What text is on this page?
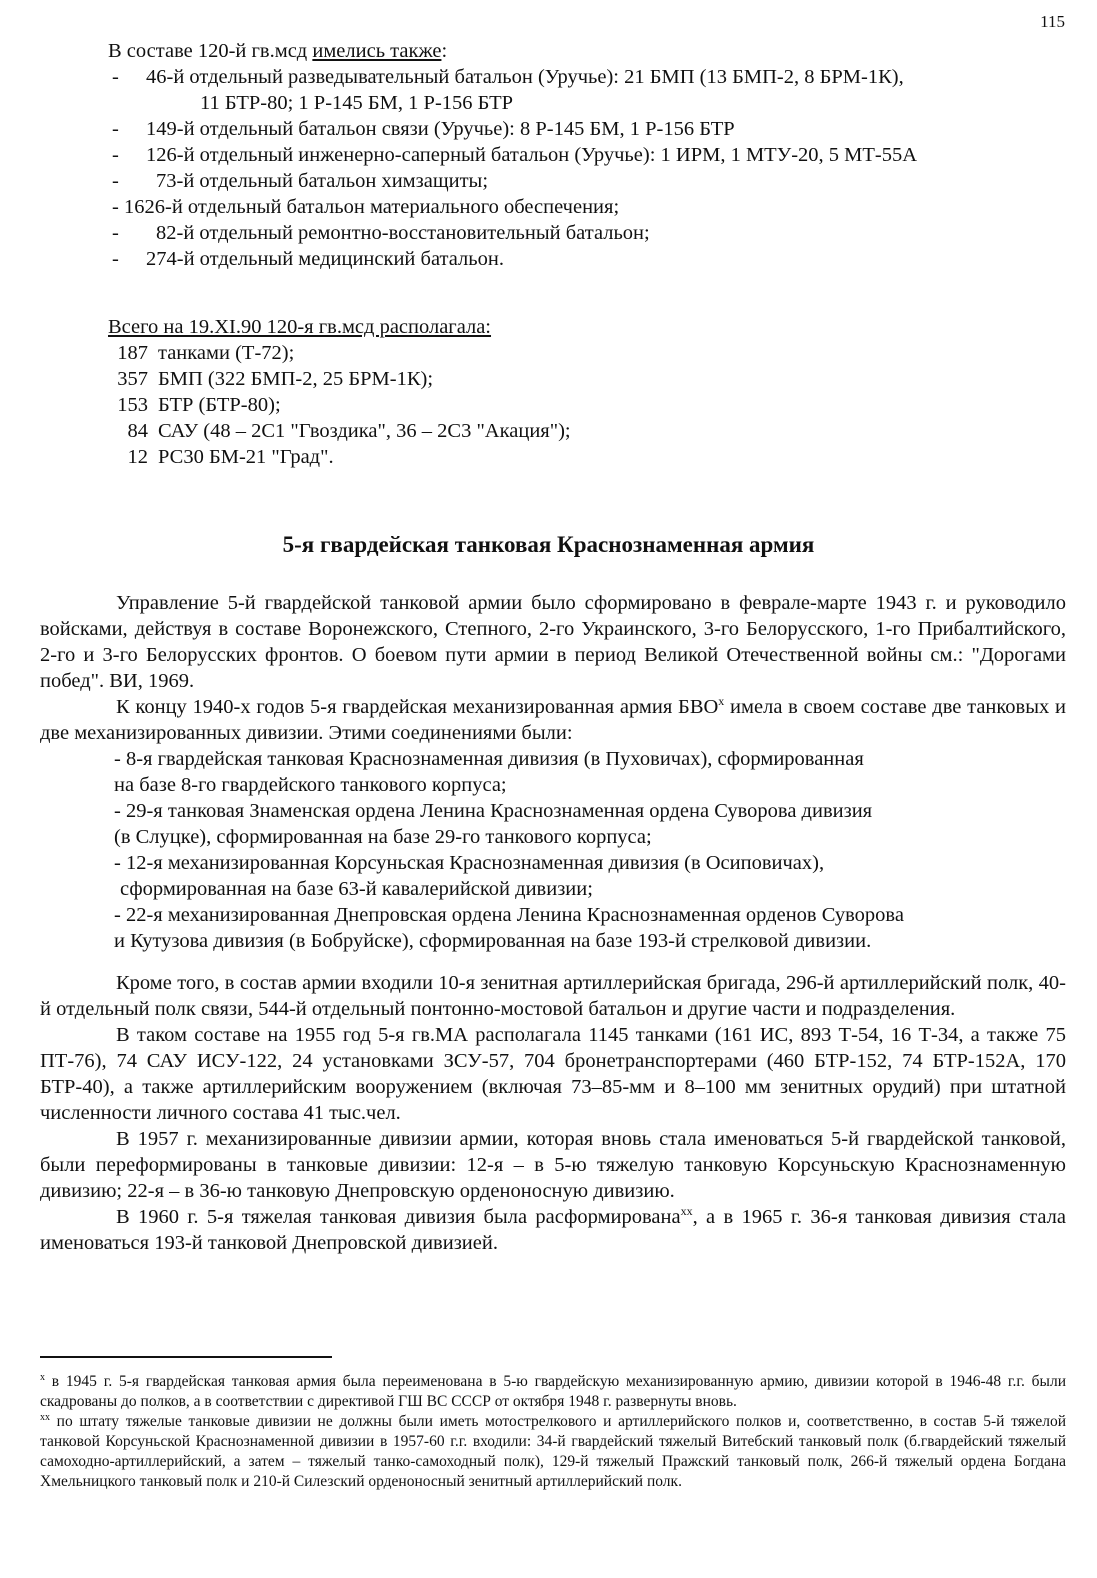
115
В составе 120-й гв.мсд имелись также:
-	46-й отдельный разведывательный батальон (Уручье): 21 БМП (13 БМП-2, 8 БРМ-1К),
11 БТР-80; 1 Р-145 БМ, 1 Р-156 БТР
-	149-й отдельный батальон связи (Уручье): 8 Р-145 БМ, 1 Р-156 БТР
-	126-й отдельный инженерно-саперный батальон (Уручье): 1 ИРМ, 1 МТУ-20, 5 МТ-55А
-	73-й отдельный батальон химзащиты;
- 1626-й отдельный батальон материального обеспечения;
-	82-й отдельный ремонтно-восстановительный батальон;
-	274-й отдельный медицинский батальон.
Всего на 19.XI.90 120-я гв.мсд располагала:
187 танками (Т-72);
357 БМП (322 БМП-2, 25 БРМ-1К);
153 БТР (БТР-80);
84 САУ (48 – 2С1 "Гвоздика", 36 – 2С3 "Акация");
12 РС30 БМ-21 "Град".
5-я гвардейская танковая Краснознаменная армия

Управление 5-й гвардейской танковой армии было сформировано в феврале-марте 1943 г. и руководило войсками, действуя в составе Воронежского, Степного, 2-го Украинского, 3-го Белорусского, 1-го Прибалтийского, 2-го и 3-го Белорусских фронтов. О боевом пути армии в период Великой Отечественной войны см.: "Дорогами побед". ВИ, 1969.

К концу 1940-х годов 5-я гвардейская механизированная армия БВО$^x$ имела в своем составе две танковых и две механизированных дивизии. Этими соединениями были:

- 8-я гвардейская танковая Краснознаменная дивизия (в Пуховичах), сформированная
на базе 8-го гвардейского танкового корпуса;
- 29-я танковая Знаменская ордена Ленина Краснознаменная ордена Суворова дивизия
(в Слуцке), сформированная на базе 29-го танкового корпуса;
- 12-я механизированная Корсуньская Краснознаменная дивизия (в Осиповичах),
сформированная на базе 63-й кавалерийской дивизии;
- 22-я механизированная Днепровская ордена Ленина Краснознаменная орденов Суворова
и Кутузова дивизия (в Бобруйске), сформированная на базе 193-й стрелковой дивизии.

Кроме того, в состав армии входили 10-я зенитная артиллерийская бригада, 296-й артиллерийский полк, 40-й отдельный полк связи, 544-й отдельный понтонно-мостовой батальон и другие части и подразделения.

В таком составе на 1955 год 5-я гв.МА располагала 1145 танками (161 ИС, 893 Т-54, 16 Т-34, а также 75 ПТ-76), 74 САУ ИСУ-122, 24 установками ЗСУ-57, 704 бронетранспортерами (460 БТР-152, 74 БТР-152А, 170 БТР-40), а также артиллерийским вооружением (включая 73–85-мм и 8–100 мм зенитных орудий) при штатной численности личного состава 41 тыс.чел.

В 1957 г. механизированные дивизии армии, которая вновь стала именоваться 5-й гвардейской танковой, были переформированы в танковые дивизии: 12-я – в 5-ю тяжелую танковую Корсуньскую Краснознаменную дивизию; 22-я – в 36-ю танковую Днепровскую орденоносную дивизию.

В 1960 г. 5-я тяжелая танковая дивизия была расформирована$^{xx}$, а в 1965 г. 36-я танковая дивизия стала именоваться 193-й танковой Днепровской дивизией.

$^x$ в 1945 г. 5-я гвардейская танковая армия была переименована в 5-ю гвардейскую механизированную армию, дивизии которой в 1946-48 г.г. были скадрованы до полков, а в соответствии с директивой ГШ ВС СССР от октября 1948 г. развернуты вновь.

$^{xx}$ по штату тяжелые танковые дивизии не должны были иметь мотострелкового и артиллерийского полков и, соответственно, в состав 5-й тяжелой танковой Корсуньской Краснознаменной дивизии в 1957-60 г.г. входили: 34-й гвардейский тяжелый Витебский танковый полк (б.гвардейский тяжелый самоходно-артиллерийский, а затем – тяжелый танко-самоходный полк), 129-й тяжелый Пражский танковый полк, 266-й тяжелый ордена Богдана Хмельницкого танковый полк и 210-й Силезский орденоносный зенитный артиллерийский полк.
